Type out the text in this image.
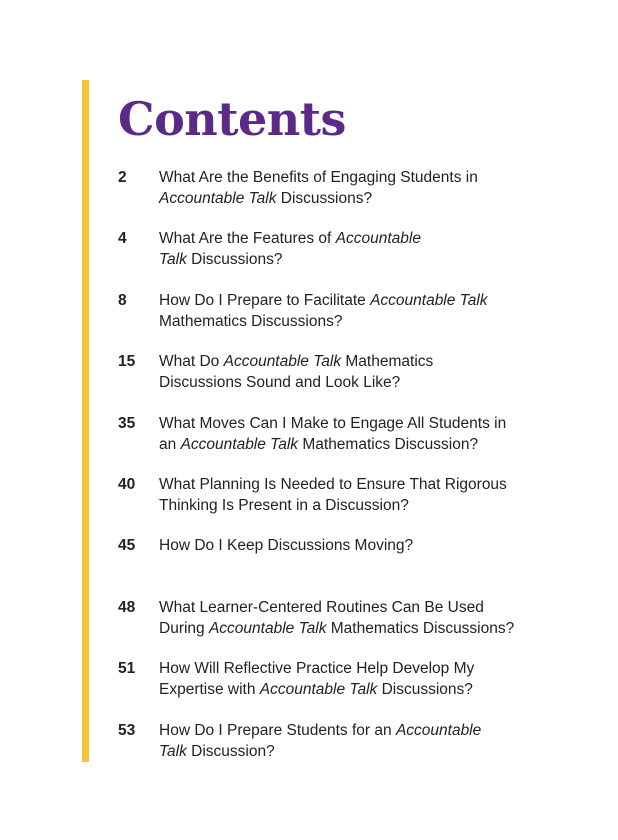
Contents
2	What Are the Benefits of Engaging Students in
Accountable Talk Discussions?
4	What Are the Features of Accountable
Talk Discussions?
8	How Do I Prepare to Facilitate Accountable Talk
Mathematics Discussions?
15	What Do Accountable Talk Mathematics
Discussions Sound and Look Like?
35	What Moves Can I Make to Engage All Students in
an Accountable Talk Mathematics Discussion?
40	What Planning Is Needed to Ensure That Rigorous
Thinking Is Present in a Discussion?
45	How Do I Keep Discussions Moving?
48	What Learner-Centered Routines Can Be Used
During Accountable Talk Mathematics Discussions?
51	How Will Reflective Practice Help Develop My
Expertise with Accountable Talk Discussions?
53	How Do I Prepare Students for an Accountable
Talk Discussion?
